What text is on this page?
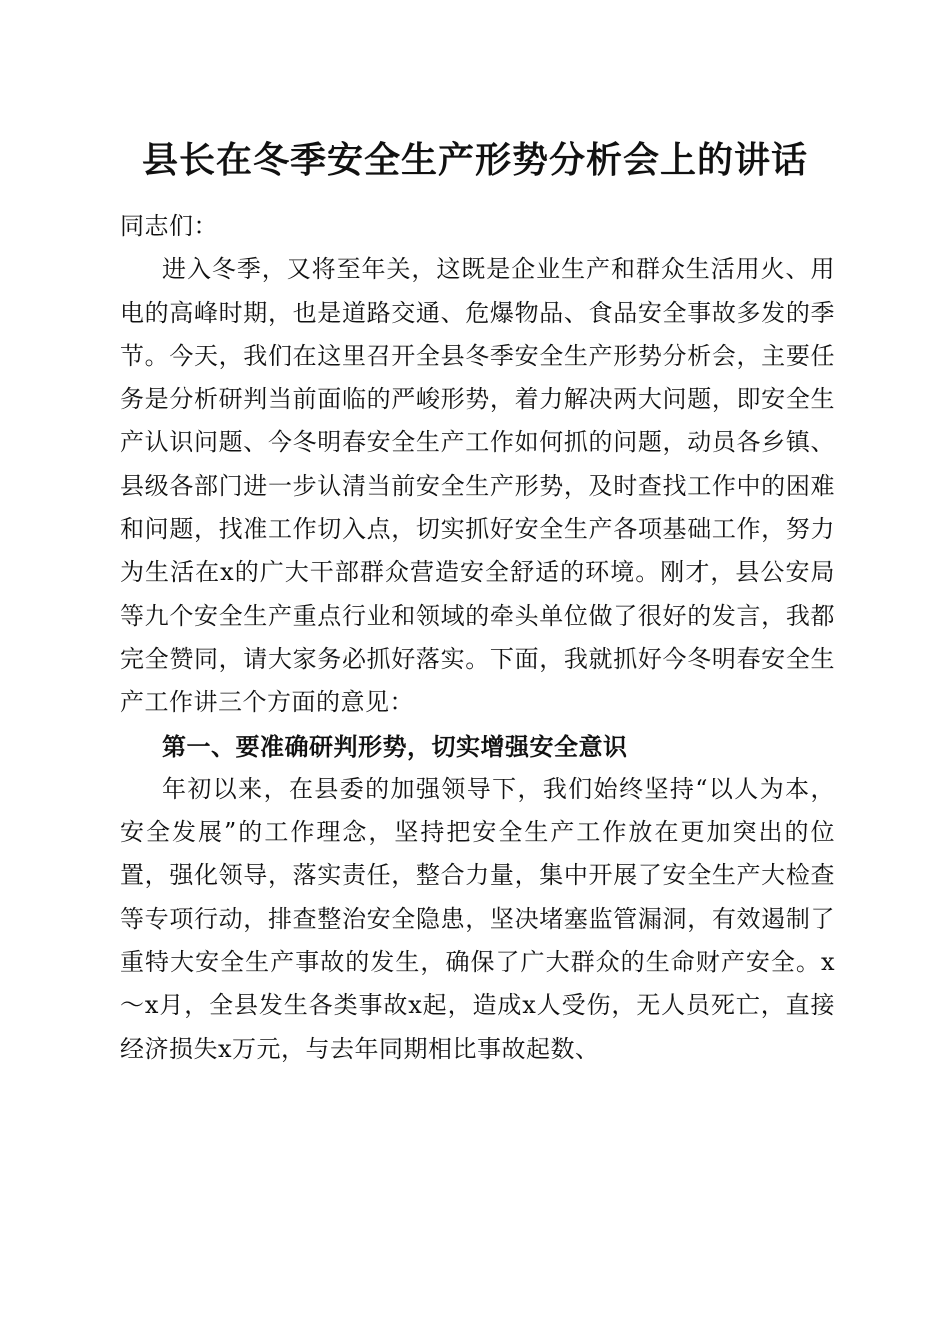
县长在冬季安全生产形势分析会上的讲话

同志们：

进入冬季，又将至年关，这既是企业生产和群众生活用火、用电的高峰时期，也是道路交通、危爆物品、食品安全事故多发的季节。今天，我们在这里召开全县冬季安全生产形势分析会，主要任务是分析研判当前面临的严峻形势，着力解决两大问题，即安全生产认识问题、今冬明春安全生产工作如何抓的问题，动员各乡镇、县级各部门进一步认清当前安全生产形势，及时查找工作中的困难和问题，找准工作切入点，切实抓好安全生产各项基础工作，努力为生活在x的广大干部群众营造安全舒适的环境。刚才，县公安局等九个安全生产重点行业和领域的牵头单位做了很好的发言，我都完全赞同，请大家务必抓好落实。下面，我就抓好今冬明春安全生产工作讲三个方面的意见：

第一、要准确研判形势，切实增强安全意识

年初以来，在县委的加强领导下，我们始终坚持“以人为本，安全发展”的工作理念，坚持把安全生产工作放在更加突出的位置，强化领导，落实责任，整合力量，集中开展了安全生产大检查等专项行动，排查整治安全隐患，坚决堵塞监管漏洞，有效遏制了重特大安全生产事故的发生，确保了广大群众的生命财产安全。x～x月，全县发生各类事故x起，造成x人受伤，无人员死亡，直接经济损失x万元，与去年同期相比事故起数、
